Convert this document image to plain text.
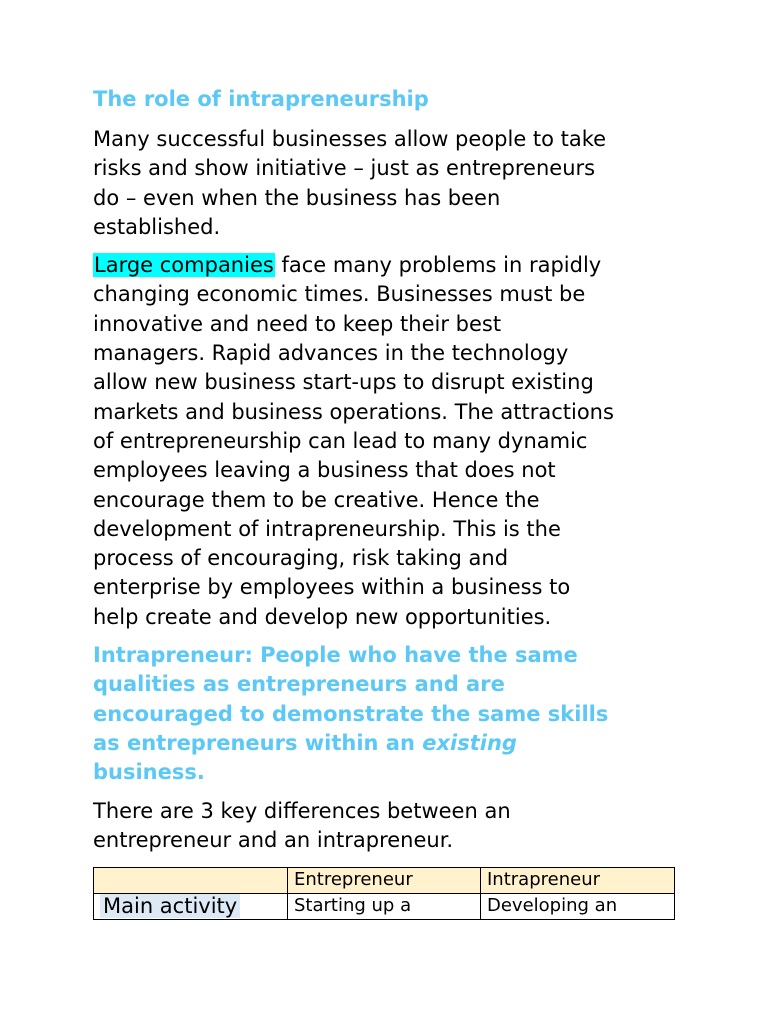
The role of intrapreneurship
Many successful businesses allow people to take
risks and show initiative – just as entrepreneurs
do – even when the business has been
established.
Large companies face many problems in rapidly
changing economic times. Businesses must be
innovative and need to keep their best
managers. Rapid advances in the technology
allow new business start-ups to disrupt existing
markets and business operations. The attractions
of entrepreneurship can lead to many dynamic
employees leaving a business that does not
encourage them to be creative. Hence the
development of intrapreneurship. This is the
process of encouraging, risk taking and
enterprise by employees within a business to
help create and develop new opportunities.
Intrapreneur: People who have the same
qualities as entrepreneurs and are
encouraged to demonstrate the same skills
as entrepreneurs within an existing
business.
There are 3 key differences between an
entrepreneur and an intrapreneur.
	Entrepreneur	Intrapreneur
Main activity	Starting up a	Developing an
